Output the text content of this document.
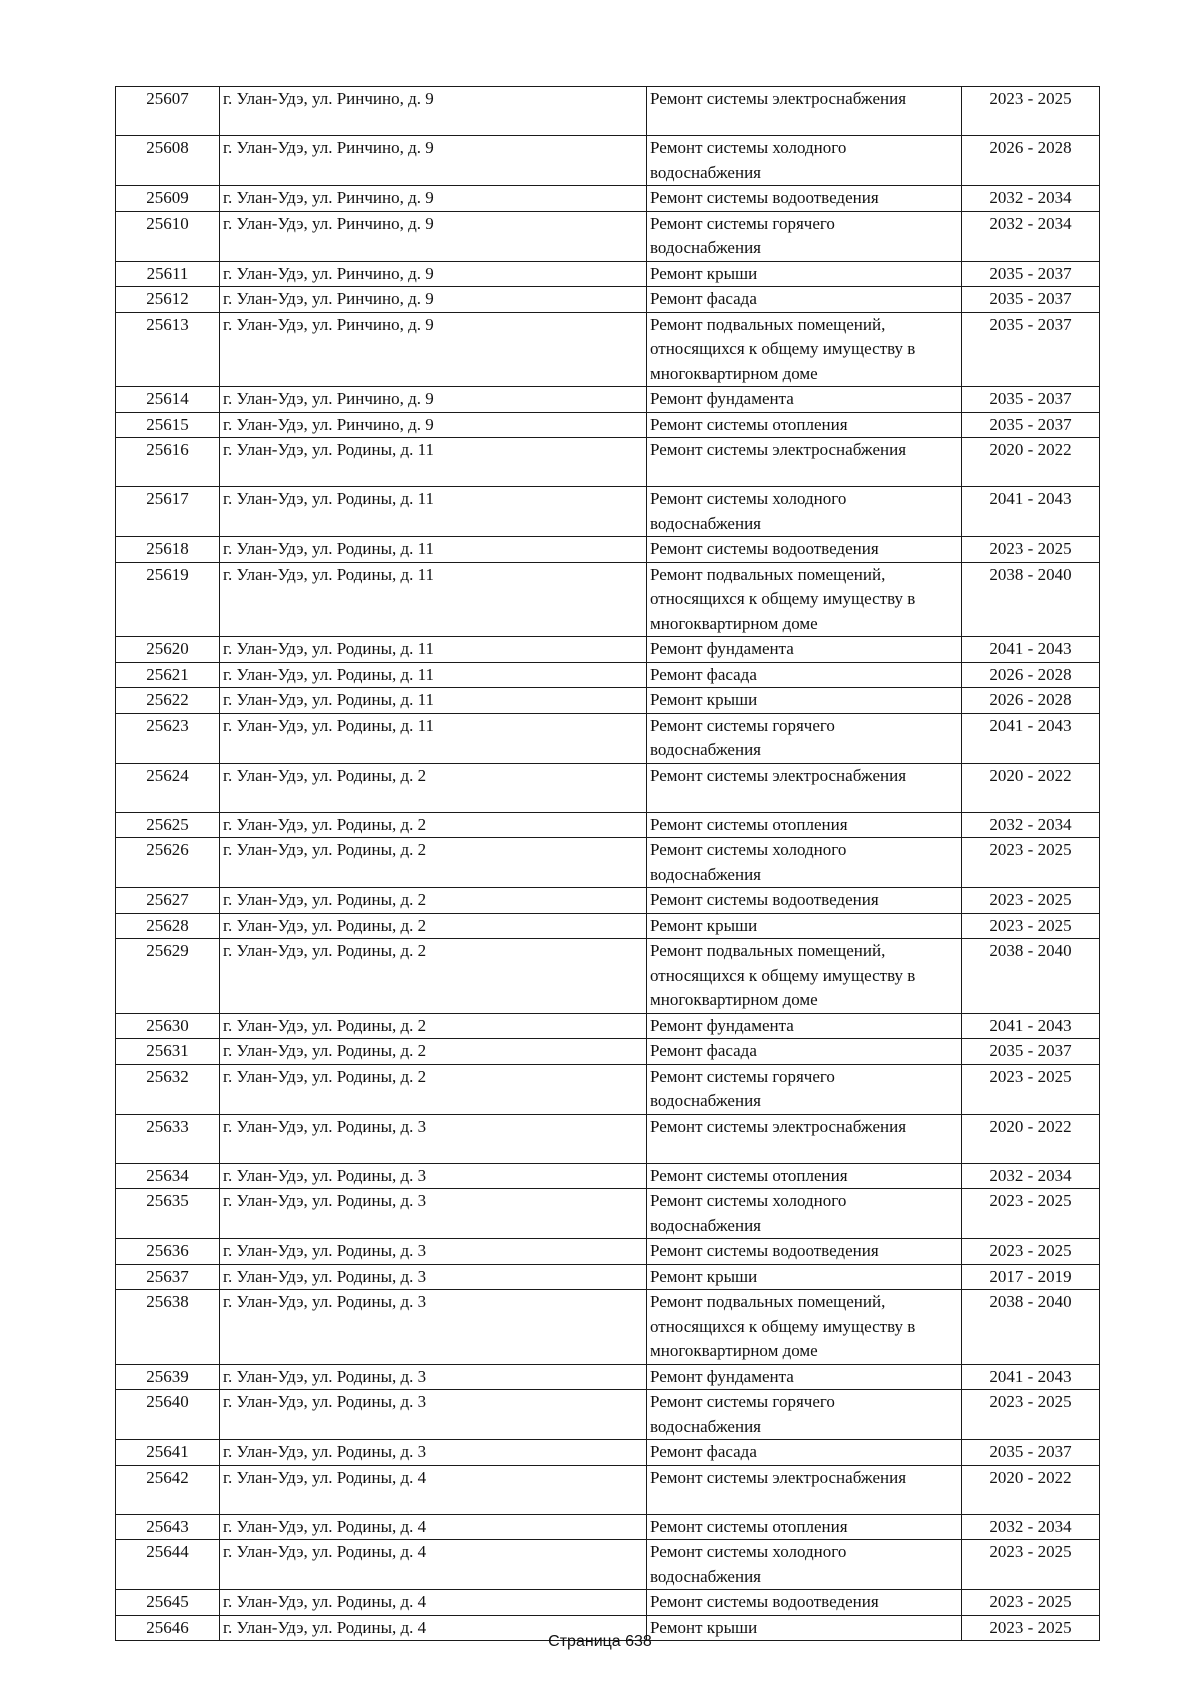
25607	г. Улан-Удэ, ул. Ринчино, д. 9	Ремонт системы электроснабжения	2023 - 2025
25608	г. Улан-Удэ, ул. Ринчино, д. 9	Ремонт системы холодного
водоснабжения	2026 - 2028
25609	г. Улан-Удэ, ул. Ринчино, д. 9	Ремонт системы водоотведения	2032 - 2034
25610	г. Улан-Удэ, ул. Ринчино, д. 9	Ремонт системы горячего
водоснабжения	2032 - 2034
25611	г. Улан-Удэ, ул. Ринчино, д. 9	Ремонт крыши	2035 - 2037
25612	г. Улан-Удэ, ул. Ринчино, д. 9	Ремонт фасада	2035 - 2037
25613	г. Улан-Удэ, ул. Ринчино, д. 9	Ремонт подвальных помещений,
относящихся к общему имуществу в
многоквартирном доме	2035 - 2037
25614	г. Улан-Удэ, ул. Ринчино, д. 9	Ремонт фундамента	2035 - 2037
25615	г. Улан-Удэ, ул. Ринчино, д. 9	Ремонт системы отопления	2035 - 2037
25616	г. Улан-Удэ, ул. Родины, д. 11	Ремонт системы электроснабжения	2020 - 2022
25617	г. Улан-Удэ, ул. Родины, д. 11	Ремонт системы холодного
водоснабжения	2041 - 2043
25618	г. Улан-Удэ, ул. Родины, д. 11	Ремонт системы водоотведения	2023 - 2025
25619	г. Улан-Удэ, ул. Родины, д. 11	Ремонт подвальных помещений,
относящихся к общему имуществу в
многоквартирном доме	2038 - 2040
25620	г. Улан-Удэ, ул. Родины, д. 11	Ремонт фундамента	2041 - 2043
25621	г. Улан-Удэ, ул. Родины, д. 11	Ремонт фасада	2026 - 2028
25622	г. Улан-Удэ, ул. Родины, д. 11	Ремонт крыши	2026 - 2028
25623	г. Улан-Удэ, ул. Родины, д. 11	Ремонт системы горячего
водоснабжения	2041 - 2043
25624	г. Улан-Удэ, ул. Родины, д. 2	Ремонт системы электроснабжения	2020 - 2022
25625	г. Улан-Удэ, ул. Родины, д. 2	Ремонт системы отопления	2032 - 2034
25626	г. Улан-Удэ, ул. Родины, д. 2	Ремонт системы холодного
водоснабжения	2023 - 2025
25627	г. Улан-Удэ, ул. Родины, д. 2	Ремонт системы водоотведения	2023 - 2025
25628	г. Улан-Удэ, ул. Родины, д. 2	Ремонт крыши	2023 - 2025
25629	г. Улан-Удэ, ул. Родины, д. 2	Ремонт подвальных помещений,
относящихся к общему имуществу в
многоквартирном доме	2038 - 2040
25630	г. Улан-Удэ, ул. Родины, д. 2	Ремонт фундамента	2041 - 2043
25631	г. Улан-Удэ, ул. Родины, д. 2	Ремонт фасада	2035 - 2037
25632	г. Улан-Удэ, ул. Родины, д. 2	Ремонт системы горячего
водоснабжения	2023 - 2025
25633	г. Улан-Удэ, ул. Родины, д. 3	Ремонт системы электроснабжения	2020 - 2022
25634	г. Улан-Удэ, ул. Родины, д. 3	Ремонт системы отопления	2032 - 2034
25635	г. Улан-Удэ, ул. Родины, д. 3	Ремонт системы холодного
водоснабжения	2023 - 2025
25636	г. Улан-Удэ, ул. Родины, д. 3	Ремонт системы водоотведения	2023 - 2025
25637	г. Улан-Удэ, ул. Родины, д. 3	Ремонт крыши	2017 - 2019
25638	г. Улан-Удэ, ул. Родины, д. 3	Ремонт подвальных помещений,
относящихся к общему имуществу в
многоквартирном доме	2038 - 2040
25639	г. Улан-Удэ, ул. Родины, д. 3	Ремонт фундамента	2041 - 2043
25640	г. Улан-Удэ, ул. Родины, д. 3	Ремонт системы горячего
водоснабжения	2023 - 2025
25641	г. Улан-Удэ, ул. Родины, д. 3	Ремонт фасада	2035 - 2037
25642	г. Улан-Удэ, ул. Родины, д. 4	Ремонт системы электроснабжения	2020 - 2022
25643	г. Улан-Удэ, ул. Родины, д. 4	Ремонт системы отопления	2032 - 2034
25644	г. Улан-Удэ, ул. Родины, д. 4	Ремонт системы холодного
водоснабжения	2023 - 2025
25645	г. Улан-Удэ, ул. Родины, д. 4	Ремонт системы водоотведения	2023 - 2025
25646	г. Улан-Удэ, ул. Родины, д. 4	Ремонт крыши	2023 - 2025
Страница 638
